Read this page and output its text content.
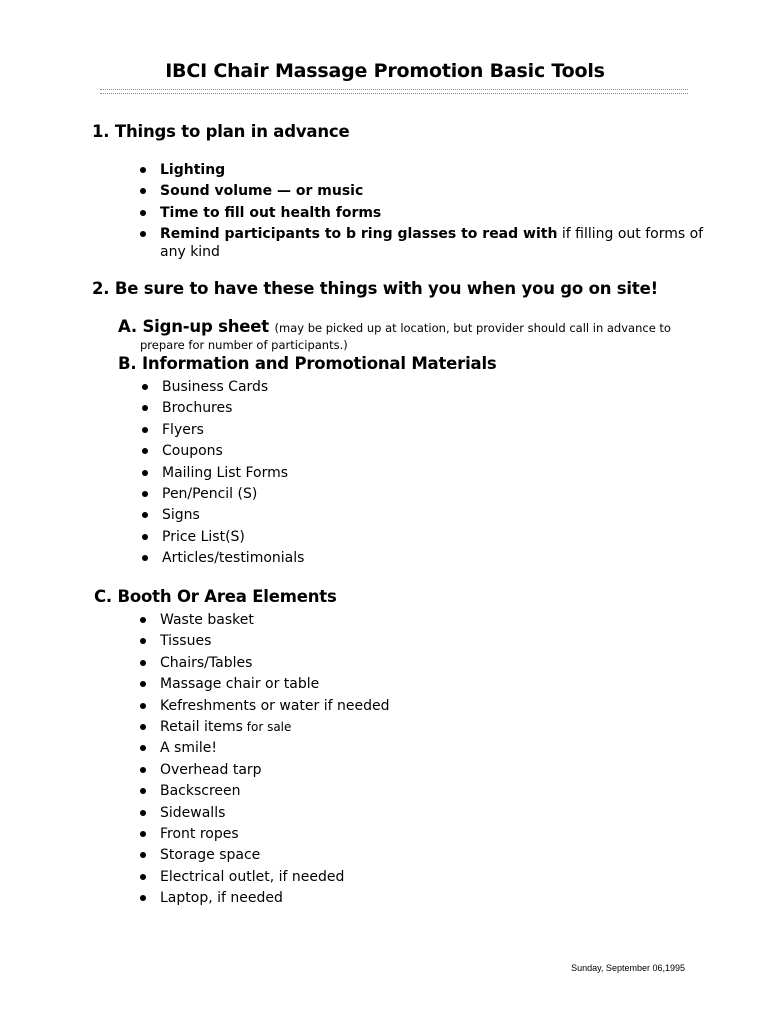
IBCI Chair Massage Promotion Basic Tools
1. Things to plan in advance
Lighting
Sound volume — or music
Time to fill out health forms
Remind participants to b ring glasses to read with if filling out forms of
any kind
2. Be sure to have these things with you when you go on site!
A. Sign-up sheet (may be picked up at location, but provider should call in advance to
prepare for number of participants.)
B. Information and Promotional Materials
Business Cards
Brochures
Flyers
Coupons
Mailing List Forms
Pen/Pencil (S)
Signs
Price List(S)
Articles/testimonials
C. Booth Or Area Elements
Waste basket
Tissues
Chairs/Tables
Massage chair or table
Kefreshments or water if needed
Retail items for sale
A smile!
Overhead tarp
Backscreen
Sidewalls
Front ropes
Storage space
Electrical outlet, if needed
Laptop, if needed
Sunday, September 06,1995
